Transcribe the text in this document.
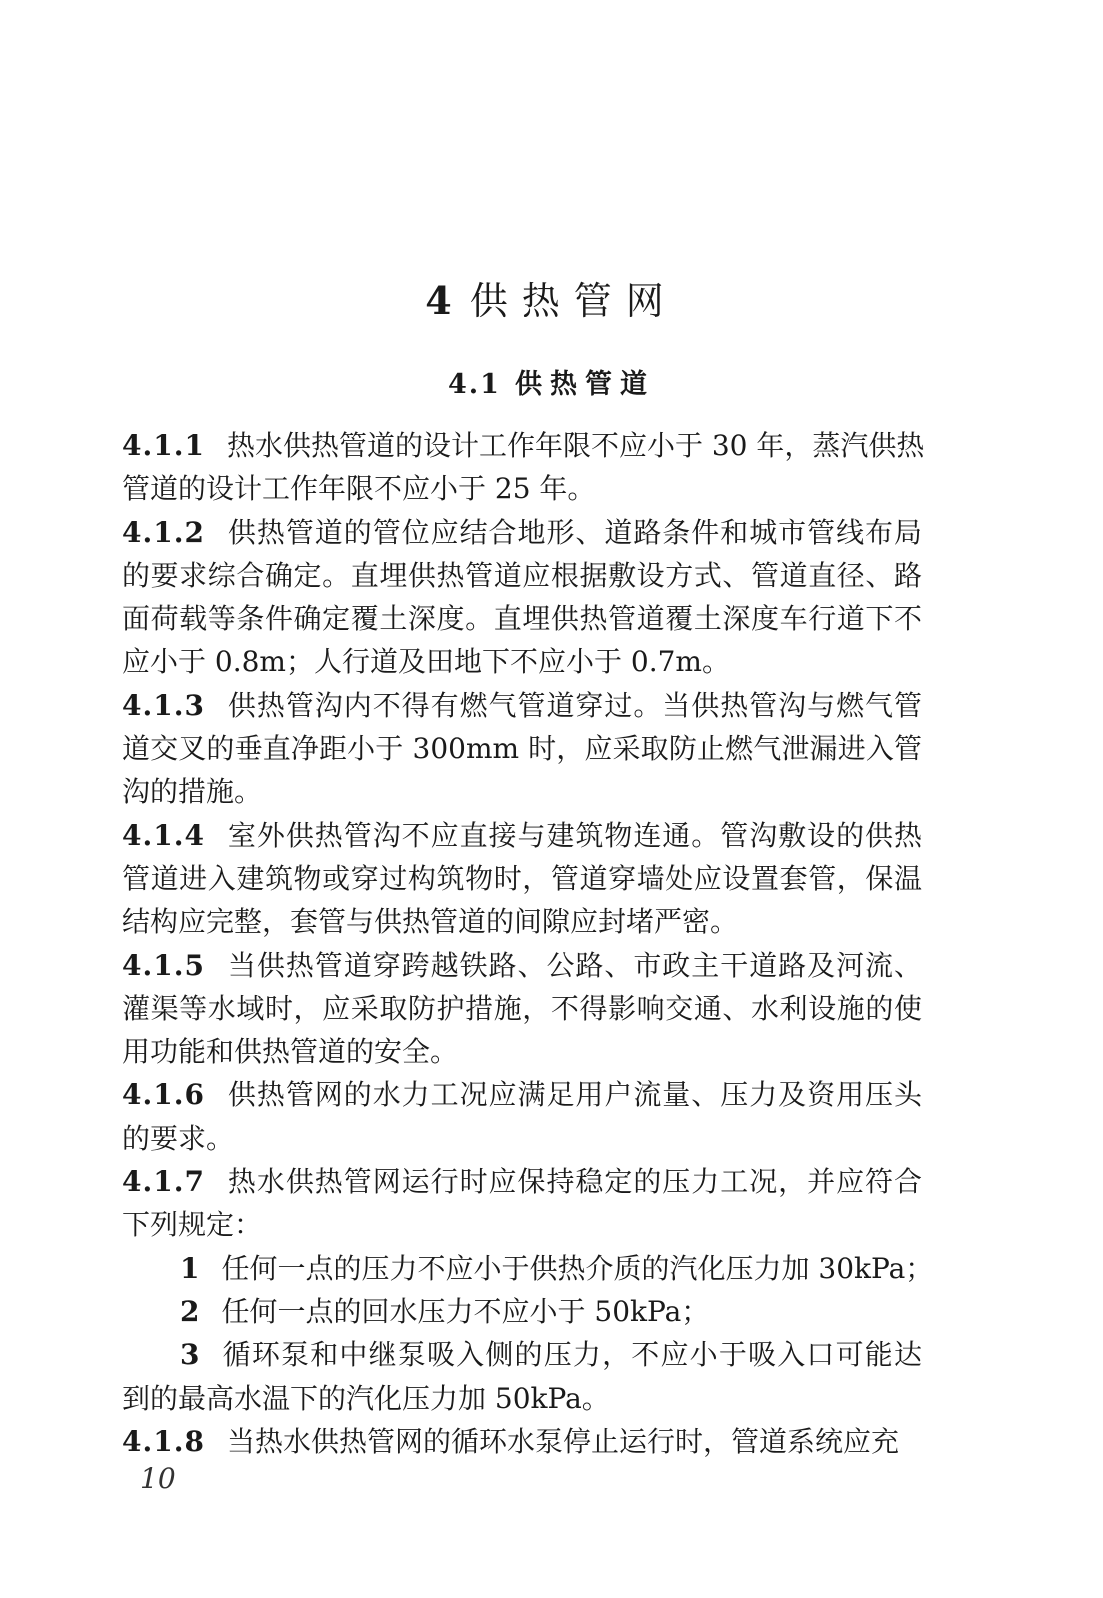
4 供热管网
4.1 供热管道
4.1.1 热水供热管道的设计工作年限不应小于 30 年，蒸汽供热
管道的设计工作年限不应小于 25 年。
4.1.2 供热管道的管位应结合地形、道路条件和城市管线布局
的要求综合确定。直埋供热管道应根据敷设方式、管道直径、路
面荷载等条件确定覆土深度。直埋供热管道覆土深度车行道下不
应小于 0.8m；人行道及田地下不应小于 0.7m。
4.1.3 供热管沟内不得有燃气管道穿过。当供热管沟与燃气管
道交叉的垂直净距小于 300mm 时，应采取防止燃气泄漏进入管
沟的措施。
4.1.4 室外供热管沟不应直接与建筑物连通。管沟敷设的供热
管道进入建筑物或穿过构筑物时，管道穿墙处应设置套管，保温
结构应完整，套管与供热管道的间隙应封堵严密。
4.1.5 当供热管道穿跨越铁路、公路、市政主干道路及河流、
灌渠等水域时，应采取防护措施，不得影响交通、水利设施的使
用功能和供热管道的安全。
4.1.6 供热管网的水力工况应满足用户流量、压力及资用压头
的要求。
4.1.7 热水供热管网运行时应保持稳定的压力工况，并应符合
下列规定：
1 任何一点的压力不应小于供热介质的汽化压力加 30kPa；
2 任何一点的回水压力不应小于 50kPa；
3 循环泵和中继泵吸入侧的压力，不应小于吸入口可能达
到的最高水温下的汽化压力加 50kPa。
4.1.8 当热水供热管网的循环水泵停止运行时，管道系统应充
10
